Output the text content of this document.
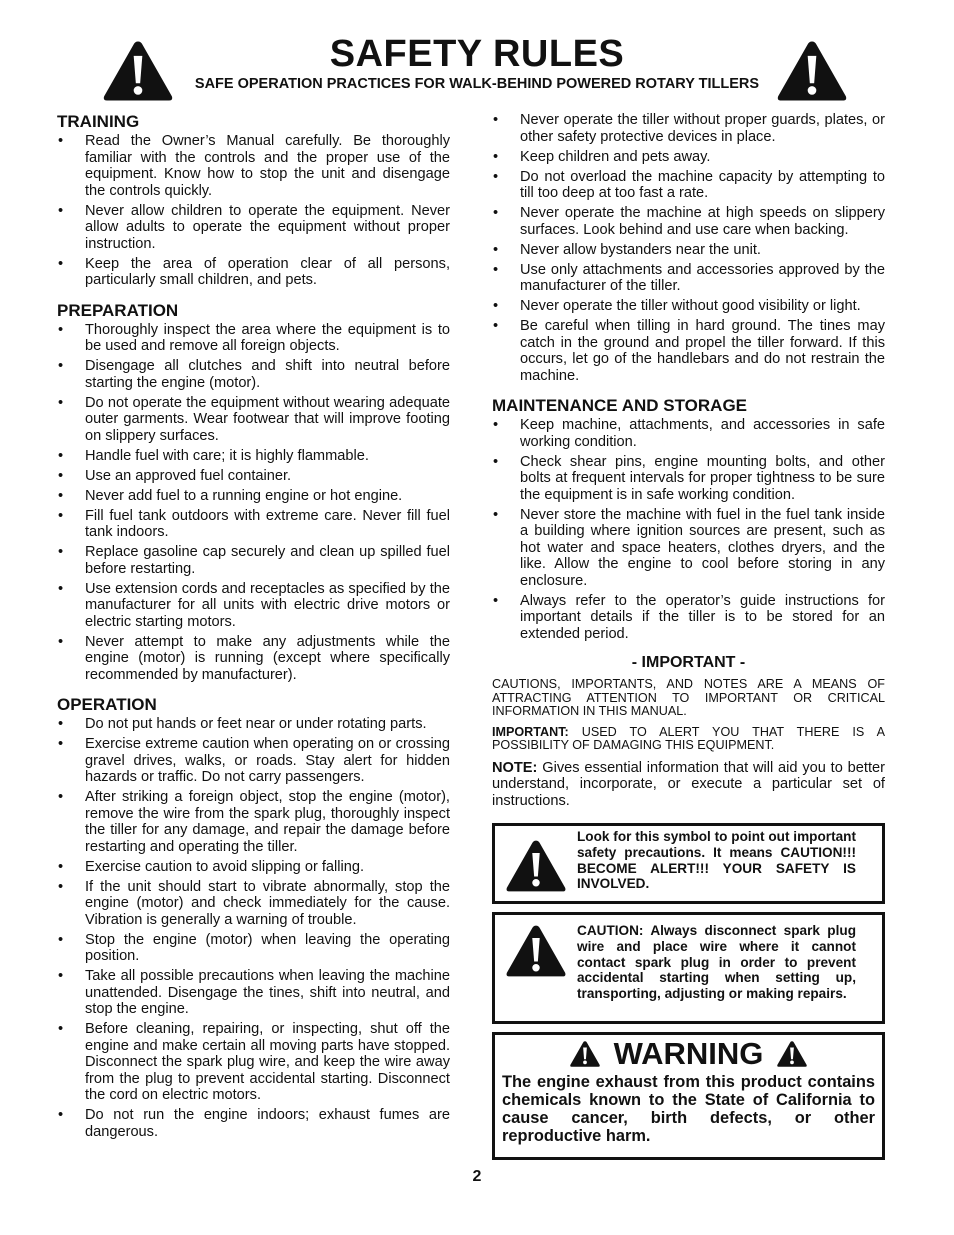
SAFETY RULES
SAFE OPERATION PRACTICES FOR WALK-BEHIND POWERED ROTARY TILLERS
TRAINING
• Read the Owner’s Manual carefully. Be thoroughly familiar with the controls and the proper use of the equipment. Know how to stop the unit and disengage the controls quickly.
• Never allow children to operate the equipment. Never allow adults to operate the equipment without proper instruction.
• Keep the area of operation clear of all persons, particularly small children, and pets.
PREPARATION
• Thoroughly inspect the area where the equipment is to be used and remove all foreign objects.
• Disengage all clutches and shift into neutral before starting the engine (motor).
• Do not operate the equipment without wearing adequate outer garments. Wear footwear that will improve footing on slippery surfaces.
• Handle fuel with care; it is highly flammable.
• Use an approved fuel container.
• Never add fuel to a running engine or hot engine.
• Fill fuel tank outdoors with extreme care. Never fill fuel tank indoors.
• Replace gasoline cap securely and clean up spilled fuel before restarting.
• Use extension cords and receptacles as specified by the manufacturer for all units with electric drive motors or electric starting motors.
• Never attempt to make any adjustments while the engine (motor) is running (except where specifically recommended by manufacturer).
OPERATION
• Do not put hands or feet near or under rotating parts.
• Exercise extreme caution when operating on or crossing gravel drives, walks, or roads. Stay alert for hidden hazards or traffic. Do not carry passengers.
• After striking a foreign object, stop the engine (motor), remove the wire from the spark plug, thoroughly inspect the tiller for any damage, and repair the damage before restarting and operating the tiller.
• Exercise caution to avoid slipping or falling.
• If the unit should start to vibrate abnormally, stop the engine (motor) and check immediately for the cause. Vibration is generally a warning of trouble.
• Stop the engine (motor) when leaving the operating position.
• Take all possible precautions when leaving the machine unattended. Disengage the tines, shift into neutral, and stop the engine.
• Before cleaning, repairing, or inspecting, shut off the engine and make certain all moving parts have stopped. Disconnect the spark plug wire, and keep the wire away from the plug to prevent accidental starting. Disconnect the cord on electric motors.
• Do not run the engine indoors; exhaust fumes are dangerous.
• Never operate the tiller without proper guards, plates, or other safety protective devices in place.
• Keep children and pets away.
• Do not overload the machine capacity by attempting to till too deep at too fast a rate.
• Never operate the machine at high speeds on slippery surfaces. Look behind and use care when backing.
• Never allow bystanders near the unit.
• Use only attachments and accessories approved by the manufacturer of the tiller.
• Never operate the tiller without good visibility or light.
• Be careful when tilling in hard ground. The tines may catch in the ground and propel the tiller forward. If this occurs, let go of the handlebars and do not restrain the machine.
MAINTENANCE AND STORAGE
• Keep machine, attachments, and accessories in safe working condition.
• Check shear pins, engine mounting bolts, and other bolts at frequent intervals for proper tightness to be sure the equipment is in safe working condition.
• Never store the machine with fuel in the fuel tank inside a building where ignition sources are present, such as hot water and space heaters, clothes dryers, and the like. Allow the engine to cool before storing in any enclosure.
• Always refer to the operator’s guide instructions for important details if the tiller is to be stored for an extended period.
- IMPORTANT -

CAUTIONS, IMPORTANTS, AND NOTES ARE A MEANS OF ATTRACTING ATTENTION TO IMPORTANT OR CRITICAL INFORMATION IN THIS MANUAL.

IMPORTANT: USED TO ALERT YOU THAT THERE IS A POSSIBILITY OF DAMAGING THIS EQUIPMENT.

NOTE: Gives essential information that will aid you to better understand, incorporate, or execute a particular set of instructions.

Look for this symbol to point out important safety precautions. It means CAUTION!!! BECOME ALERT!!! YOUR SAFETY IS INVOLVED.
CAUTION: Always disconnect spark plug wire and place wire where it cannot contact spark plug in order to prevent accidental starting when setting up, transporting, adjusting or making repairs.
WARNING
The engine exhaust from this product contains chemicals known to the State of California to cause cancer, birth defects, or other reproductive harm.
2
